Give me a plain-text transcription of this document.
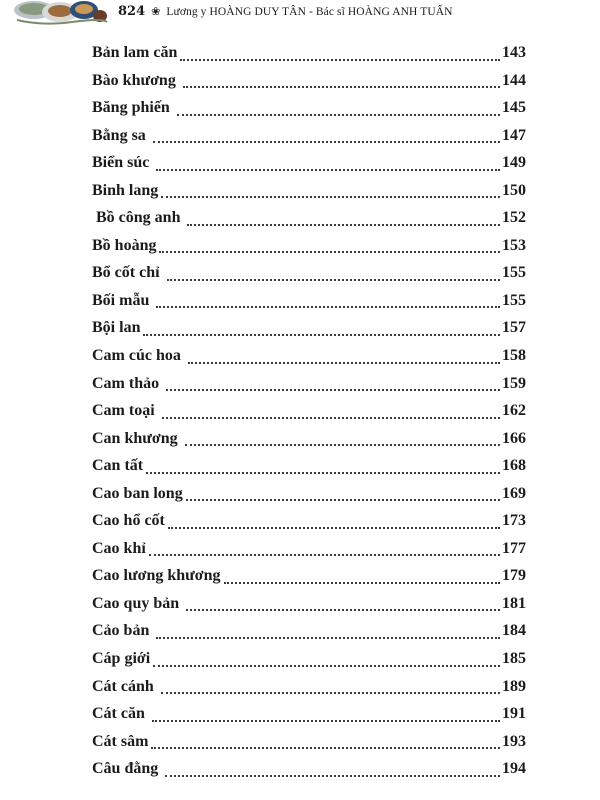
824 ❀ Lương y HOÀNG DUY TÂN - Bác sĩ HOÀNG ANH TUẤN
Bản lam căn	143
Bào khương	144
Băng phiến	145
Bằng sa	147
Biển súc	149
Binh lang	150
Bồ công anh	152
Bồ hoàng	153
Bổ cốt chỉ	155
Bối mẫu	155
Bội lan	157
Cam cúc hoa	158
Cam thảo	159
Cam toại	162
Can khương	166
Can tất	168
Cao ban long	169
Cao hổ cốt	173
Cao khỉ	177
Cao lương khương	179
Cao quy bản	181
Cảo bản	184
Cáp giới	185
Cát cánh	189
Cát căn	191
Cát sâm	193
Câu đằng	194
